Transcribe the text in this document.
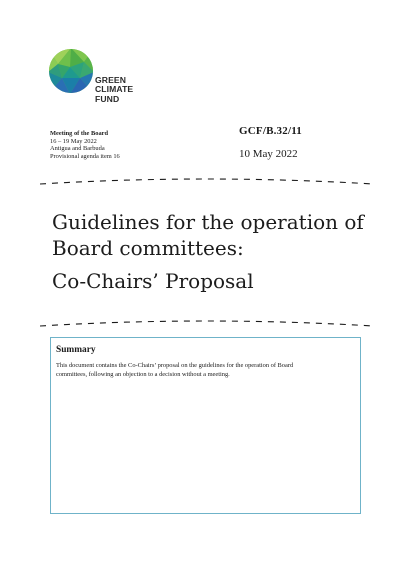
GREEN
CLIMATE
FUND
Meeting of the Board
16 – 19 May 2022
Antigua and Barbuda
Provisional agenda item 16
GCF/B.32/11
10 May 2022
Guidelines for the operation of
Board committees:
Co-Chairs’ Proposal
Summary
This document contains the Co-Chairs’ proposal on the guidelines for the operation of Board
committees, following an objection to a decision without a meeting.
